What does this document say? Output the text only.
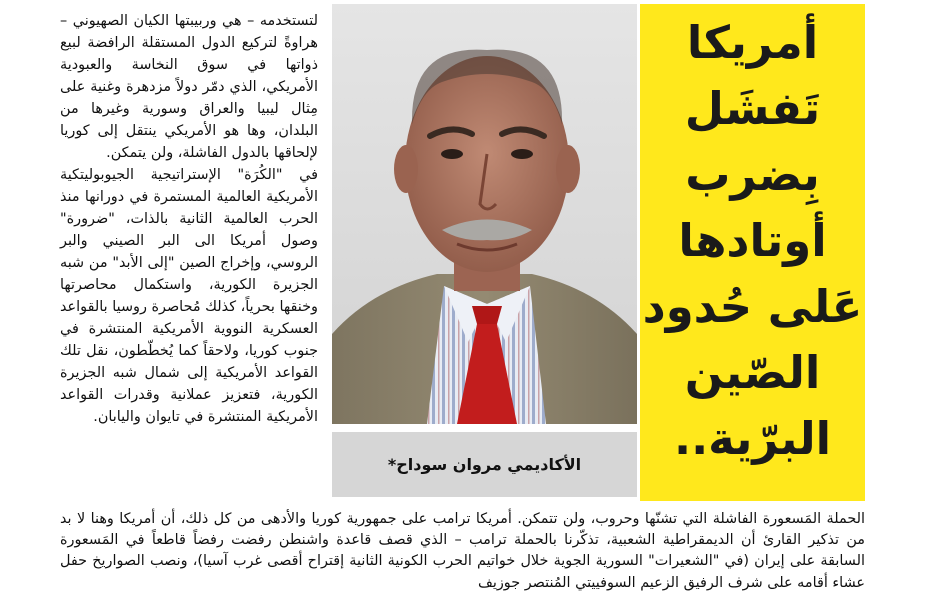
لتستخدمه – هي وربيبتها الكيان الصهيوني – هراوةً لتركيع الدول المستقلة الرافضة لبيع ذواتها في سوق النخاسة والعبودية الأمريكي، الذي دمّر دولاً مزدهرة وغنية على مِثال ليبيا والعراق وسورية وغيرها من البلدان، وها هو الأمريكي ينتقل إلى كوريا لإلحاقها بالدول الفاشلة، ولن يتمكن.

في "الكُرَة" الإستراتيجية الجيوبوليتكية الأمريكية العالمية المستمرة في دورانها منذ الحرب العالمية الثانية بالذات، "ضرورة" وصول أمريكا الى البر الصيني والبر الروسي، وإخراج الصين "إلى الأبد" من شبه الجزيرة الكورية، واستكمال محاصرتها وخنقها بحرياً، كذلك مُحاصرة روسيا بالقواعد العسكرية النووية الأمريكية المنتشرة في جنوب كوريا، ولاحقاً كما يُخطّطون، نقل تلك القواعد الأمريكية إلى شمال شبه الجزيرة الكورية، فتعزيز عملانية وقدرات القواعد الأمريكية المنتشرة في تايوان واليابان.

الأكاديمي مروان سوداح*
أمريكا
تَفشَل
بِضرب
أوتادها
عَلى حُدود
الصّين
البرّية..

الحملة المَسعورة الفاشلة التي تشنّها وحروب، ولن تتمكن. أمريكا ترامب على جمهورية كوريا والأدهى من كل ذلك، أن أمريكا وهنا لا بد من تذكير القارئ أن الديمقراطية الشعبية، تذكّرنا بالحملة ترامب – الذي قصف قاعدة واشنطن رفضت رفضاً قاطعاً في المَسعورة السابقة على إيران (في "الشعيرات" السورية الجوية خلال خواتيم الحرب الكونية الثانية إقتراح أقصى غرب آسيا)، ونصب الصواريخ حفل عشاء أقامه على شرف الرفيق الزعيم السوفييتي المُنتصر جوزيف
